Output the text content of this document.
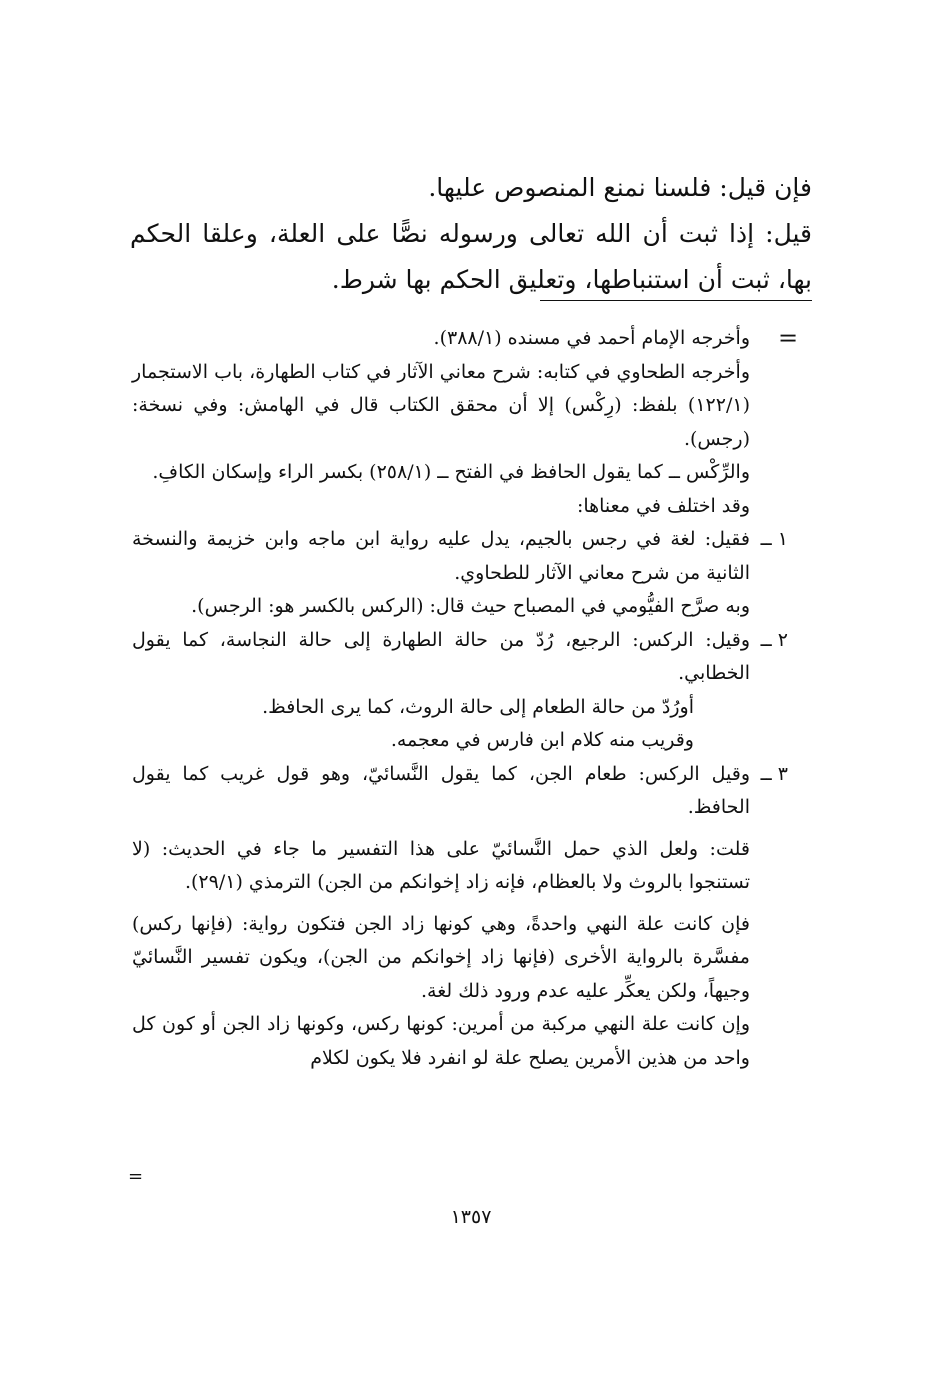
فإن قيل: فلسنا نمنع المنصوص عليها.

قيل: إذا ثبت أن الله تعالى ورسوله نصًّا على العلة، وعلقا الحكم بها، ثبت أن استنباطها، وتعليق الحكم بها شرط.

=

وأخرجه الإمام أحمد في مسنده (٣٨٨/١).

وأخرجه الطحاوي في كتابه: شرح معاني الآثار في كتاب الطهارة، باب الاستجمار (١٢٢/١) بلفظ: (رِكْس) إلا أن محقق الكتاب قال في الهامش: وفي نسخة: (رجس).

والرِّكْس ــ كما يقول الحافظ في الفتح ــ (٢٥٨/١) بكسر الراء وإسكان الكافِ.

وقد اختلف في معناها:

١ ــ

فقيل: لغة في رجس بالجيم، يدل عليه رواية ابن ماجه وابن خزيمة والنسخة الثانية من شرح معاني الآثار للطحاوي.

وبه صرَّح الفيُّومي في المصباح حيث قال: (الركس بالكسر هو: الرجس).

٢ ــ

وقيل: الركس: الرجيع، رُدّ من حالة الطهارة إلى حالة النجاسة، كما يقول الخطابي.

أورُدّ من حالة الطعام إلى حالة الروث، كما يرى الحافظ.

وقريب منه كلام ابن فارس في معجمه.

٣ ــ

وقيل الركس: طعام الجن، كما يقول النَّسائيّ، وهو قول غريب كما يقول الحافظ.

قلت: ولعل الذي حمل النَّسائيّ على هذا التفسير ما جاء في الحديث: (لا تستنجوا بالروث ولا بالعظام، فإنه زاد إخوانكم من الجن) الترمذي (٢٩/١).

فإن كانت علة النهي واحدةً، وهي كونها زاد الجن فتكون رواية: (فإنها ركس) مفسَّرة بالرواية الأخرى (فإنها زاد إخوانكم من الجن)، ويكون تفسير النَّسائيّ وجيهاً، ولكن يعكِّر عليه عدم ورود ذلك لغة.

وإن كانت علة النهي مركبة من أمرين: كونها ركس، وكونها زاد الجن أو كون كل واحد من هذين الأمرين يصلح علة لو انفرد فلا يكون لكلام

=
١٣٥٧
